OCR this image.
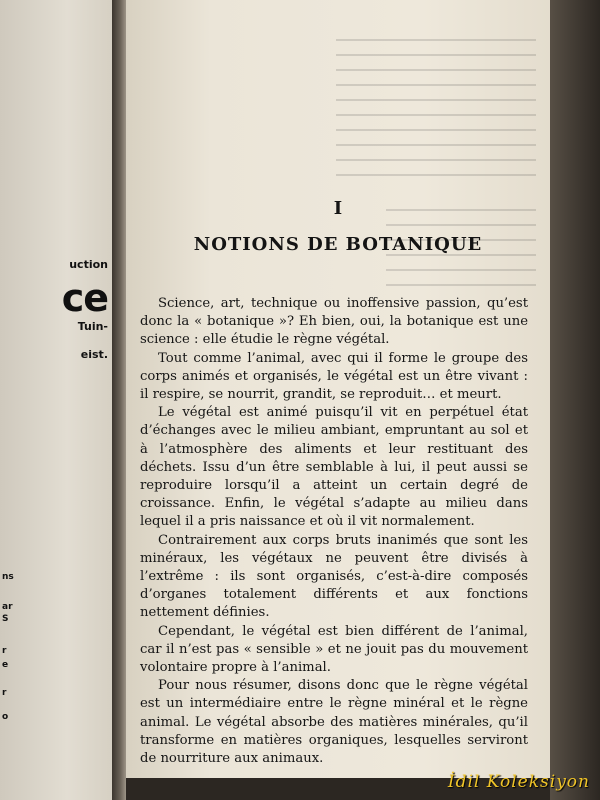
uction
ce
Tuin-
eist.
ns
ar
S
r
e
r
o
I
NOTIONS DE BOTANIQUE

Science, art, technique ou inoffensive passion, qu’est donc la « botanique »? Eh bien, oui, la botanique est une science : elle étudie le règne végétal.

Tout comme l’animal, avec qui il forme le groupe des corps animés et organisés, le végétal est un être vivant : il respire, se nourrit, grandit, se reproduit… et meurt.

Le végétal est animé puisqu’il vit en perpétuel état d’échanges avec le milieu ambiant, empruntant au sol et à l’atmosphère des aliments et leur restituant des déchets. Issu d’un être semblable à lui, il peut aussi se reproduire lorsqu’il a atteint un certain degré de croissance. Enfin, le végétal s’adapte au milieu dans lequel il a pris naissance et où il vit normalement.

Contrairement aux corps bruts inanimés que sont les minéraux, les végétaux ne peuvent être divisés à l’extrême : ils sont organisés, c’est-à-dire composés d’organes totalement différents et aux fonctions nettement définies.

Cependant, le végétal est bien différent de l’animal, car il n’est pas « sensible » et ne jouit pas du mouvement volontaire propre à l’animal.

Pour nous résumer, disons donc que le règne végétal est un intermédiaire entre le règne minéral et le règne animal. Le végétal absorbe des matières minérales, qu’il transforme en matières organiques, lesquelles serviront de nourriture aux animaux.

İdil Koleksiyon
